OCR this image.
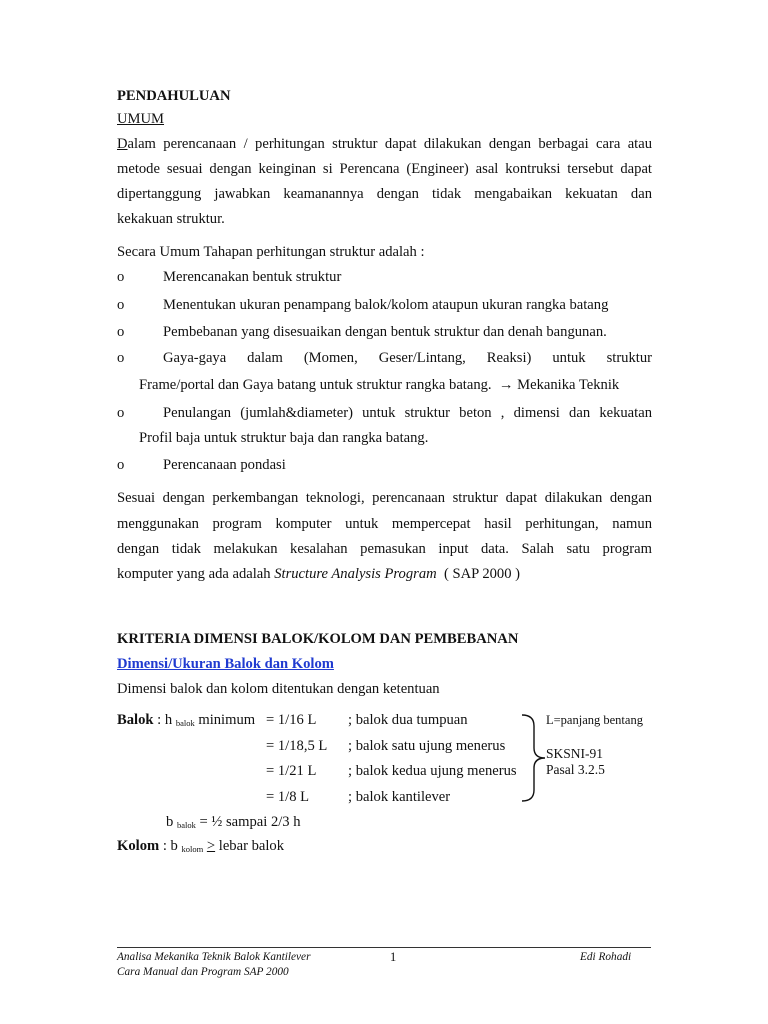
PENDAHULUAN
UMUM
Dalam perencanaan / perhitungan struktur dapat dilakukan dengan berbagai cara atau
metode sesuai dengan keinginan si Perencana (Engineer) asal kontruksi tersebut dapat
dipertanggung jawabkan keamanannya dengan tidak mengabaikan kekuatan dan
kekakuan struktur.
Secara Umum Tahapan perhitungan struktur adalah :
o	Merencanakan bentuk struktur
o	Menentukan ukuran penampang balok/kolom ataupun ukuran rangka batang
o	Pembebanan yang disesuaikan dengan bentuk struktur dan denah bangunan.
o	Gaya-gaya dalam (Momen, Geser/Lintang, Reaksi) untuk struktur
Frame/portal dan Gaya batang untuk struktur rangka batang. → Mekanika Teknik
o	Penulangan (jumlah&diameter) untuk struktur beton , dimensi dan kekuatan
Profil baja untuk struktur baja dan rangka batang.
o	Perencanaan pondasi
Sesuai dengan perkembangan teknologi, perencanaan struktur dapat dilakukan dengan
menggunakan program komputer untuk mempercepat hasil perhitungan, namun
dengan tidak melakukan kesalahan pemasukan input data. Salah satu program
komputer yang ada adalah Structure Analysis Program ( SAP 2000 )
KRITERIA DIMENSI BALOK/KOLOM DAN PEMBEBANAN
Dimensi/Ukuran Balok dan Kolom
Dimensi balok dan kolom ditentukan dengan ketentuan
Balok : h $_{balok}$ minimum = 1/16 L ; balok dua tumpuan
= 1/18,5 L ; balok satu ujung menerus
= 1/21 L ; balok kedua ujung menerus
= 1/8 L	; balok kantilever
L=panjang bentang
SKSNI-91
Pasal 3.2.5
b $_{balok}$ = ½ sampai 2/3 h
Kolom : b $_{kolom}$ > lebar balok
Analisa Mekanika Teknik Balok Kantilever
Cara Manual dan Program SAP 2000
1	Edi Rohadi
